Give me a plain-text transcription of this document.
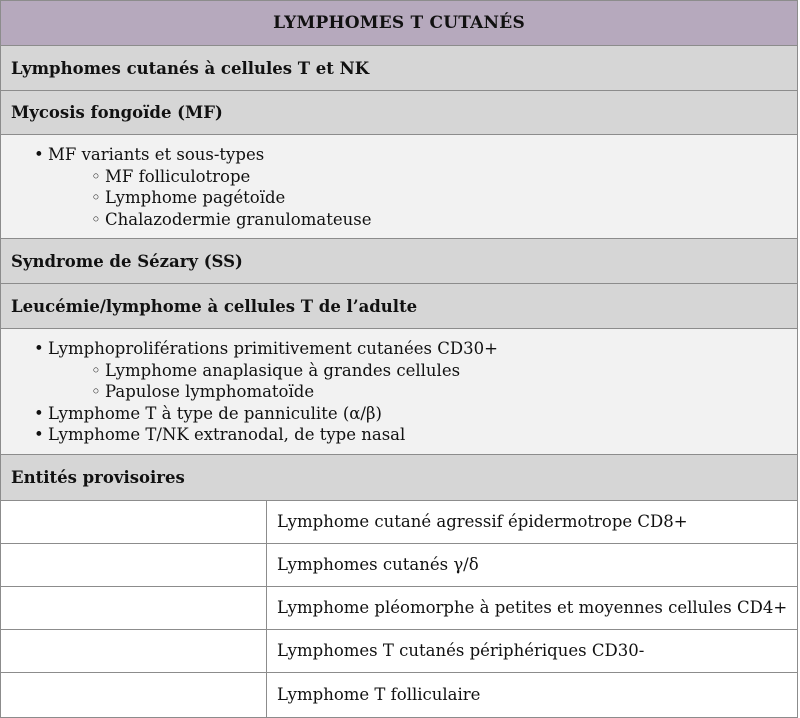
LYMPHOMES T CUTANÉS
Lymphomes cutanés à cellules T et NK
Mycosis fongoïde (MF)
• MF variants et sous-types
◦ MF folliculotrope
◦ Lymphome pagétoïde
◦ Chalazodermie granulomateuse
Syndrome de Sézary (SS)
Leucémie/lymphome à cellules T de l’adulte
• Lymphoproliférations primitivement cutanées CD30+
◦ Lymphome anaplasique à grandes cellules
◦ Papulose lymphomatoïde
• Lymphome T à type de panniculite (α/β)
• Lymphome T/NK extranodal, de type nasal
Entités provisoires
Lymphome cutané agressif épidermotrope CD8+
Lymphomes cutanés γ/δ
Lymphome pléomorphe à petites et moyennes cellules CD4+
Lymphomes T cutanés périphériques CD30-
Lymphome T folliculaire
